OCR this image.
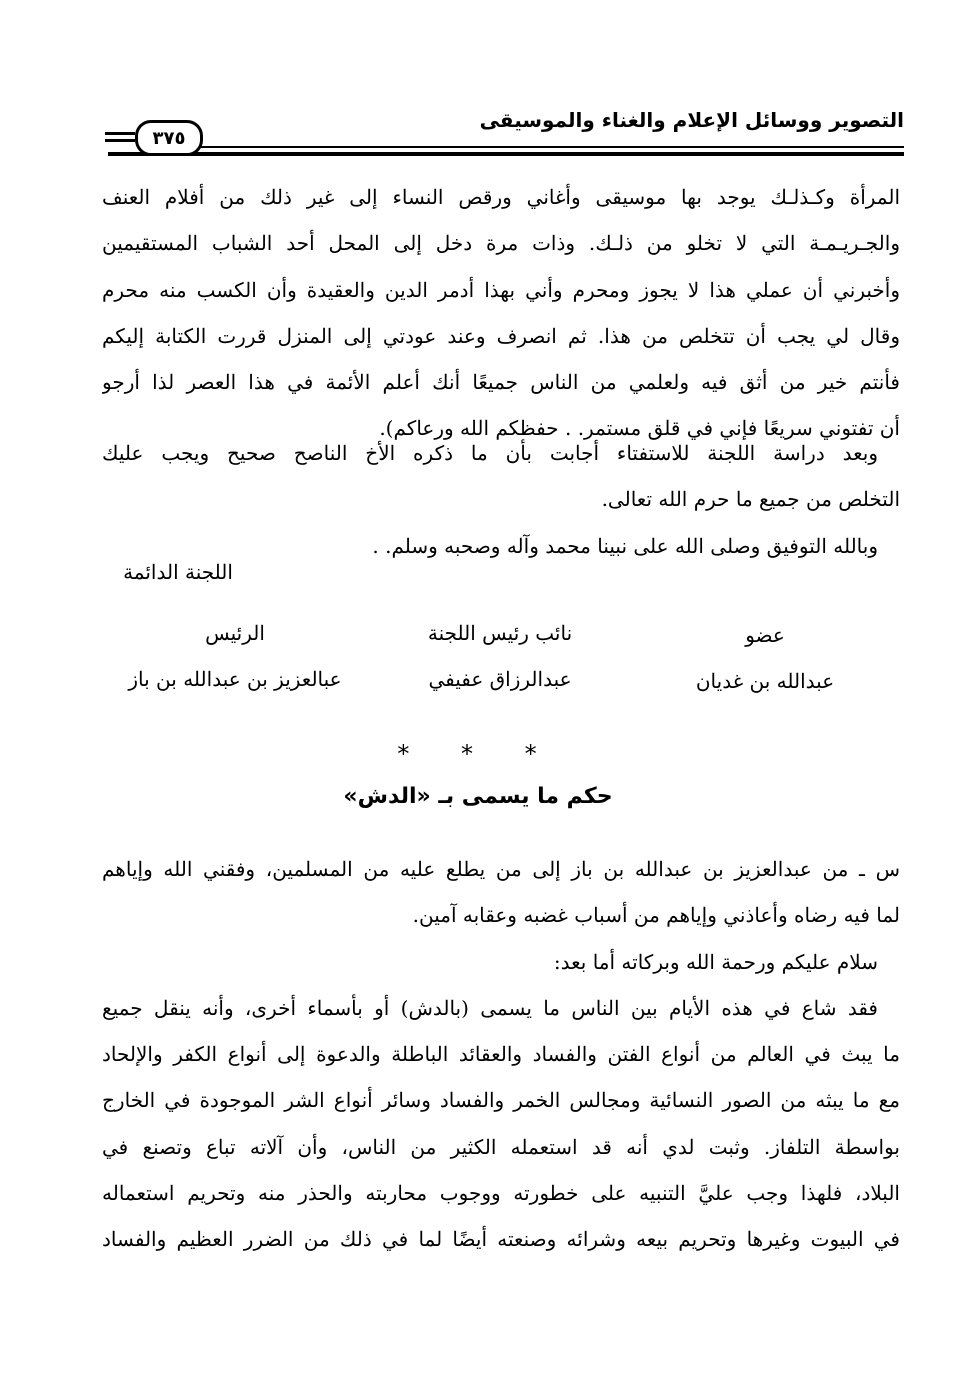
التصوير ووسائل الإعلام والغناء والموسيقى
٣٧٥
المرأة وكـذلـك يوجد بها موسيقى وأغاني ورقص النساء إلى غير ذلك من أفلام العنف
والجـريـمـة التي لا تخلو من ذلـك. وذات مرة دخل إلى المحل أحد الشباب المستقيمين
وأخبرني أن عملي هذا لا يجوز ومحرم وأني بهذا أدمر الدين والعقيدة وأن الكسب منه محرم
وقال لي يجب أن تتخلص من هذا. ثم انصرف وعند عودتي إلى المنزل قررت الكتابة إليكم
فأنتم خير من أثق فيه ولعلمي من الناس جميعًا أنك أعلم الأئمة في هذا العصر لذا أرجو
أن تفتوني سريعًا فإني في قلق مستمر. . حفظكم الله ورعاكم).
وبعد دراسة اللجنة للاستفتاء أجابت بأن ما ذكره الأخ الناصح صحيح ويجب عليك
التخلص من جميع ما حرم الله تعالى.
وبالله التوفيق وصلى الله على نبينا محمد وآله وصحبه وسلم. .
اللجنة الدائمة
الرئيس
عبالعزيز بن عبدالله بن باز
نائب رئيس اللجنة
عبدالرزاق عفيفي
عضو
عبدالله بن غديان
* * *
حكم ما يسمى بـ «الدش»
س ـ من عبدالعزيز بن عبدالله بن باز إلى من يطلع عليه من المسلمين، وفقني الله وإياهم
لما فيه رضاه وأعاذني وإياهم من أسباب غضبه وعقابه آمين.
سلام عليكم ورحمة الله وبركاته أما بعد:
فقد شاع في هذه الأيام بين الناس ما يسمى (بالدش) أو بأسماء أخرى، وأنه ينقل جميع
ما يبث في العالم من أنواع الفتن والفساد والعقائد الباطلة والدعوة إلى أنواع الكفر والإلحاد
مع ما يبثه من الصور النسائية ومجالس الخمر والفساد وسائر أنواع الشر الموجودة في الخارج
بواسطة التلفاز. وثبت لدي أنه قد استعمله الكثير من الناس، وأن آلاته تباع وتصنع في
البلاد، فلهذا وجب عليَّ التنبيه على خطورته ووجوب محاربته والحذر منه وتحريم استعماله
في البيوت وغيرها وتحريم بيعه وشرائه وصنعته أيضًا لما في ذلك من الضرر العظيم والفساد
